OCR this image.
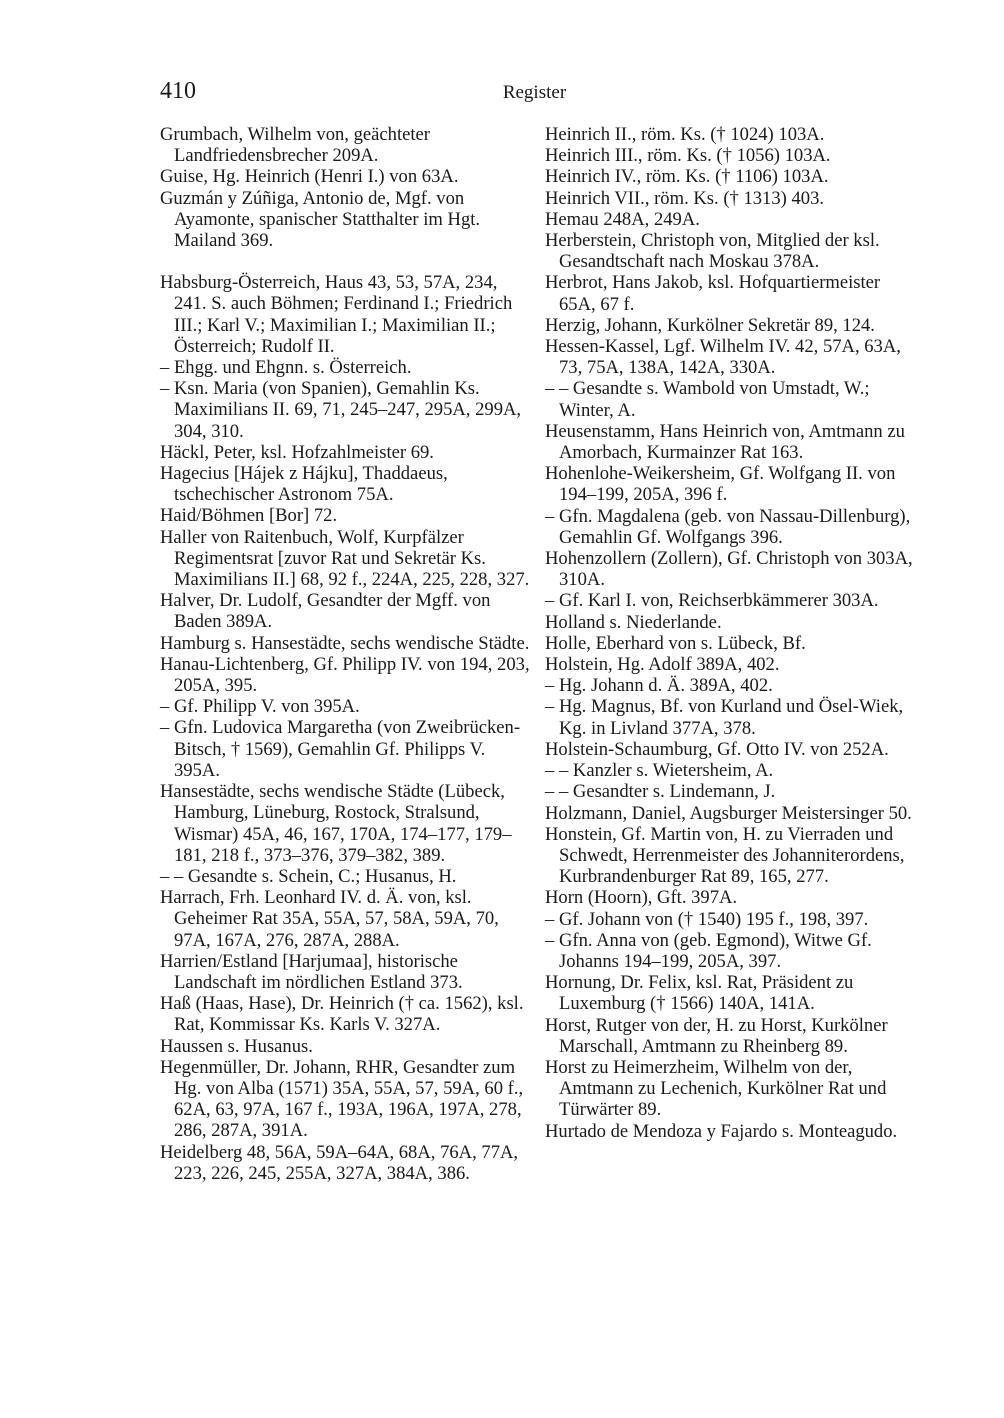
410	Register

Grumbach, Wilhelm von, geächteter Landfriedensbrecher 209A.

Guise, Hg. Heinrich (Henri I.) von 63A.

Guzmán y Zúñiga, Antonio de, Mgf. von Ayamonte, spanischer Statthalter im Hgt. Mailand 369.

Habsburg-Österreich, Haus 43, 53, 57A, 234, 241. S. auch Böhmen; Ferdinand I.; Friedrich III.; Karl V.; Maximilian I.; Maximilian II.; Österreich; Rudolf II.

– Ehgg. und Ehgnn. s. Österreich.

– Ksn. Maria (von Spanien), Gemahlin Ks. Maximilians II. 69, 71, 245–247, 295A, 299A, 304, 310.

Häckl, Peter, ksl. Hofzahlmeister 69.

Hagecius [Hájek z Hájku], Thaddaeus, tschechischer Astronom 75A.

Haid/Böhmen [Bor] 72.

Haller von Raitenbuch, Wolf, Kurpfälzer Regimentsrat [zuvor Rat und Sekretär Ks. Maximilians II.] 68, 92 f., 224A, 225, 228, 327.

Halver, Dr. Ludolf, Gesandter der Mgff. von Baden 389A.

Hamburg s. Hansestädte, sechs wendische Städte.

Hanau-Lichtenberg, Gf. Philipp IV. von 194, 203, 205A, 395.

– Gf. Philipp V. von 395A.

– Gfn. Ludovica Margaretha (von Zweibrücken-Bitsch, † 1569), Gemahlin Gf. Philipps V. 395A.

Hansestädte, sechs wendische Städte (Lübeck, Hamburg, Lüneburg, Rostock, Stralsund, Wismar) 45A, 46, 167, 170A, 174–177, 179–181, 218 f., 373–376, 379–382, 389.

– – Gesandte s. Schein, C.; Husanus, H.

Harrach, Frh. Leonhard IV. d. Ä. von, ksl. Geheimer Rat 35A, 55A, 57, 58A, 59A, 70, 97A, 167A, 276, 287A, 288A.

Harrien/Estland [Harjumaa], historische Landschaft im nördlichen Estland 373.

Haß (Haas, Hase), Dr. Heinrich († ca. 1562), ksl. Rat, Kommissar Ks. Karls V. 327A.

Haussen s. Husanus.

Hegenmüller, Dr. Johann, RHR, Gesandter zum Hg. von Alba (1571) 35A, 55A, 57, 59A, 60 f., 62A, 63, 97A, 167 f., 193A, 196A, 197A, 278, 286, 287A, 391A.

Heidelberg 48, 56A, 59A–64A, 68A, 76A, 77A, 223, 226, 245, 255A, 327A, 384A, 386.

Heinrich II., röm. Ks. († 1024) 103A.

Heinrich III., röm. Ks. († 1056) 103A.

Heinrich IV., röm. Ks. († 1106) 103A.

Heinrich VII., röm. Ks. († 1313) 403.

Hemau 248A, 249A.

Herberstein, Christoph von, Mitglied der ksl. Gesandtschaft nach Moskau 378A.

Herbrot, Hans Jakob, ksl. Hofquartiermeister 65A, 67 f.

Herzig, Johann, Kurkölner Sekretär 89, 124.

Hessen-Kassel, Lgf. Wilhelm IV. 42, 57A, 63A, 73, 75A, 138A, 142A, 330A.

– – Gesandte s. Wambold von Umstadt, W.; Winter, A.

Heusenstamm, Hans Heinrich von, Amtmann zu Amorbach, Kurmainzer Rat 163.

Hohenlohe-Weikersheim, Gf. Wolfgang II. von 194–199, 205A, 396 f.

– Gfn. Magdalena (geb. von Nassau-Dillenburg), Gemahlin Gf. Wolfgangs 396.

Hohenzollern (Zollern), Gf. Christoph von 303A, 310A.

– Gf. Karl I. von, Reichserbkämmerer 303A.

Holland s. Niederlande.

Holle, Eberhard von s. Lübeck, Bf.

Holstein, Hg. Adolf 389A, 402.

– Hg. Johann d. Ä. 389A, 402.

– Hg. Magnus, Bf. von Kurland und Ösel-Wiek, Kg. in Livland 377A, 378.

Holstein-Schaumburg, Gf. Otto IV. von 252A.

– – Kanzler s. Wietersheim, A.

– – Gesandter s. Lindemann, J.

Holzmann, Daniel, Augsburger Meistersinger 50.

Honstein, Gf. Martin von, H. zu Vierraden und Schwedt, Herrenmeister des Johanniterordens, Kurbrandenburger Rat 89, 165, 277.

Horn (Hoorn), Gft. 397A.

– Gf. Johann von († 1540) 195 f., 198, 397.

– Gfn. Anna von (geb. Egmond), Witwe Gf. Johanns 194–199, 205A, 397.

Hornung, Dr. Felix, ksl. Rat, Präsident zu Luxemburg († 1566) 140A, 141A.

Horst, Rutger von der, H. zu Horst, Kurkölner Marschall, Amtmann zu Rheinberg 89.

Horst zu Heimerzheim, Wilhelm von der, Amtmann zu Lechenich, Kurkölner Rat und Türwärter 89.

Hurtado de Mendoza y Fajardo s. Monteagudo.
